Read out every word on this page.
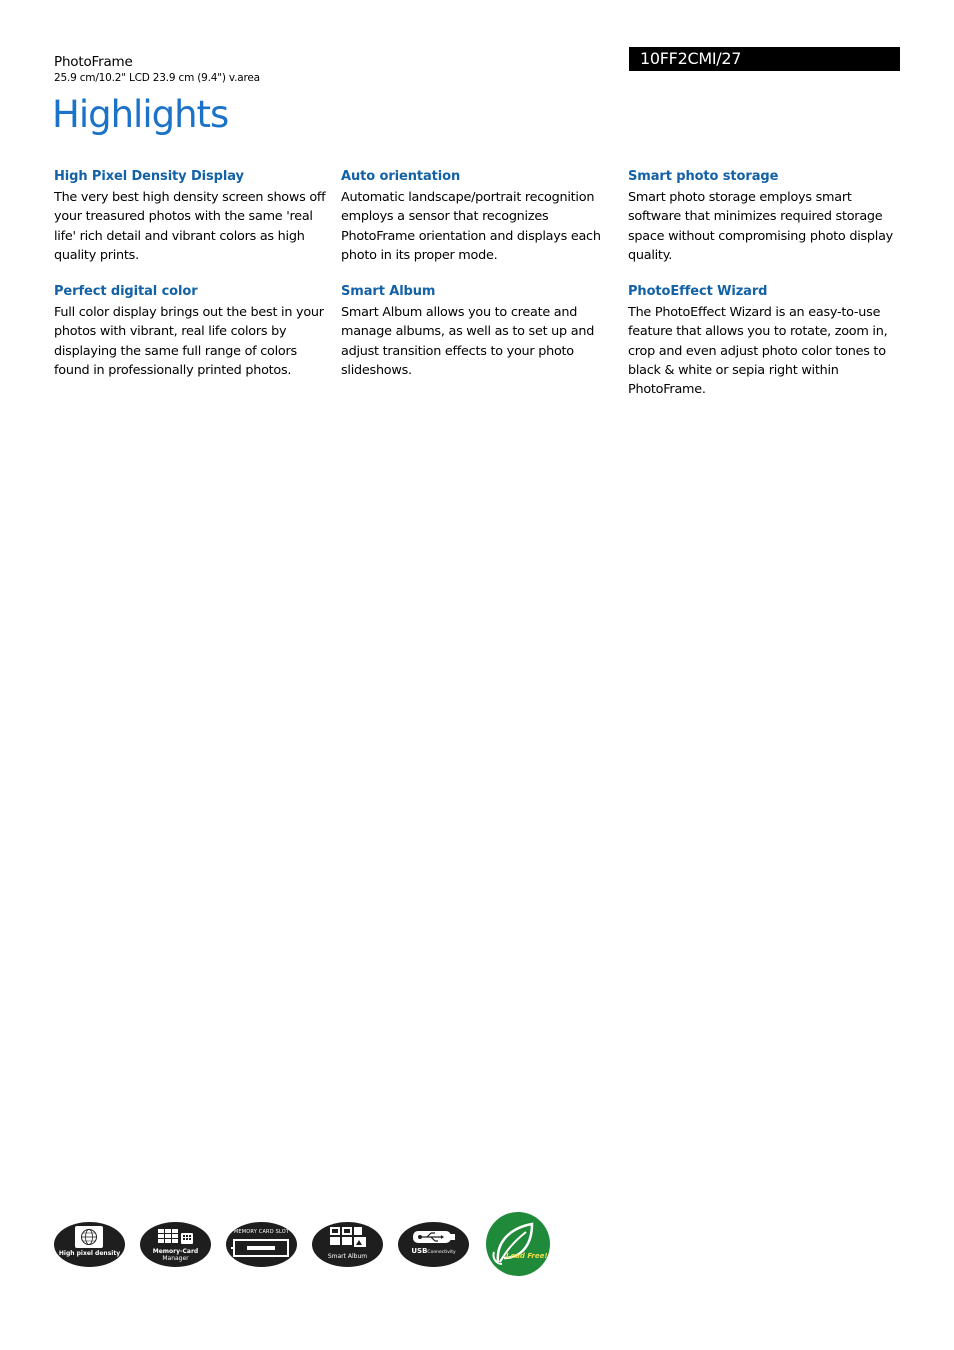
PhotoFrame
25.9 cm/10.2" LCD 23.9 cm (9.4") v.area
10FF2CMI/27
Highlights
High Pixel Density Display

The very best high density screen shows off your treasured photos with the same 'real life' rich detail and vibrant colors as high quality prints.

Perfect digital color

Full color display brings out the best in your photos with vibrant, real life colors by displaying the same full range of colors found in professionally printed photos.

Auto orientation

Automatic landscape/portrait recognition employs a sensor that recognizes PhotoFrame orientation and displays each photo in its proper mode.

Smart Album

Smart Album allows you to create and manage albums, as well as to set up and adjust transition effects to your photo slideshows.

Smart photo storage

Smart photo storage employs smart software that minimizes required storage space without compromising photo display quality.

PhotoEffect Wizard

The PhotoEffect Wizard is an easy-to-use feature that allows you to rotate, zoom in, crop and even adjust photo color tones to black & white or sepia right within PhotoFrame.

High pixel density	Memory-Card
Manager
MEMORY CARD SLOT
Smart Album
USBConnectivity	Lead Free!
